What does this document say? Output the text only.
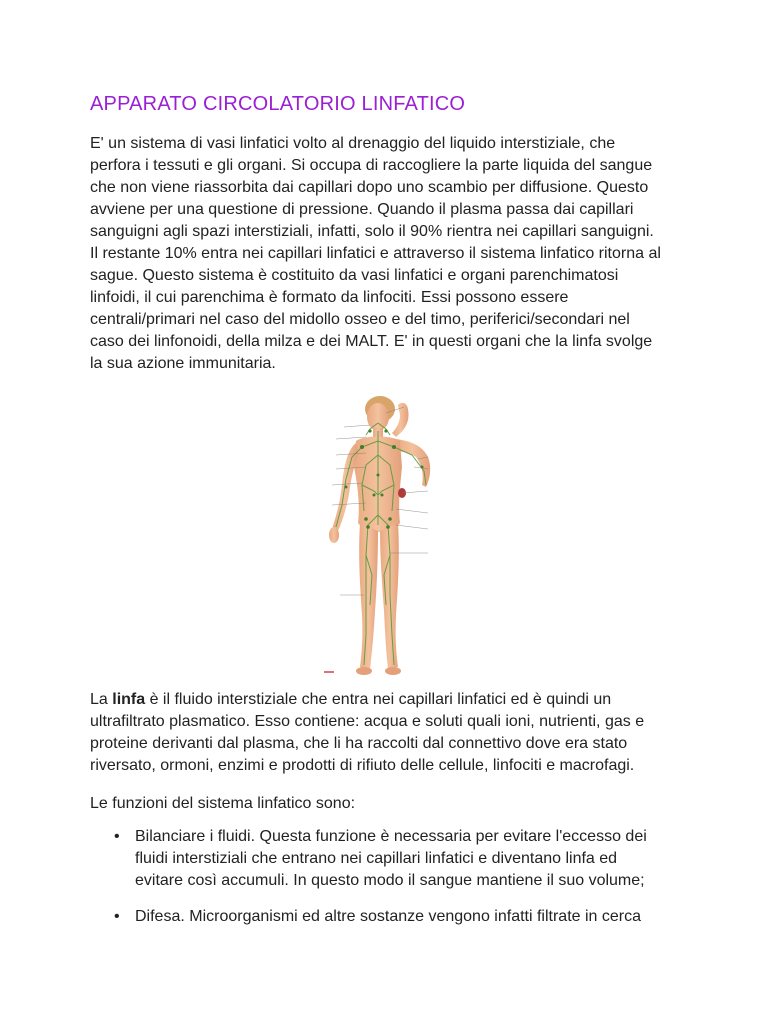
APPARATO CIRCOLATORIO LINFATICO

E' un sistema di vasi linfatici volto al drenaggio del liquido interstiziale, che
perfora i tessuti e gli organi. Si occupa di raccogliere la parte liquida del sangue
che non viene riassorbita dai capillari dopo uno scambio per diffusione. Questo
avviene per una questione di pressione. Quando il plasma passa dai capillari
sanguigni agli spazi interstiziali, infatti, solo il 90% rientra nei capillari sanguigni.
Il restante 10% entra nei capillari linfatici e attraverso il sistema linfatico ritorna al
sague. Questo sistema è costituito da vasi linfatici e organi parenchimatosi
linfoidi, il cui parenchima è formato da linfociti. Essi possono essere
centrali/primari nel caso del midollo osseo e del timo, periferici/secondari nel
caso dei linfonoidi, della milza e dei MALT. E' in questi organi che la linfa svolge
la sua azione immunitaria.

La linfa è il fluido interstiziale che entra nei capillari linfatici ed è quindi un
ultrafiltrato plasmatico. Esso contiene: acqua e soluti quali ioni, nutrienti, gas e
proteine derivanti dal plasma, che li ha raccolti dal connettivo dove era stato
riversato, ormoni, enzimi e prodotti di rifiuto delle cellule, linfociti e macrofagi.

Le funzioni del sistema linfatico sono:

• Bilanciare i fluidi. Questa funzione è necessaria per evitare l'eccesso dei
fluidi interstiziali che entrano nei capillari linfatici e diventano linfa ed
evitare così accumuli. In questo modo il sangue mantiene il suo volume;
• Difesa. Microorganismi ed altre sostanze vengono infatti filtrate in cerca
